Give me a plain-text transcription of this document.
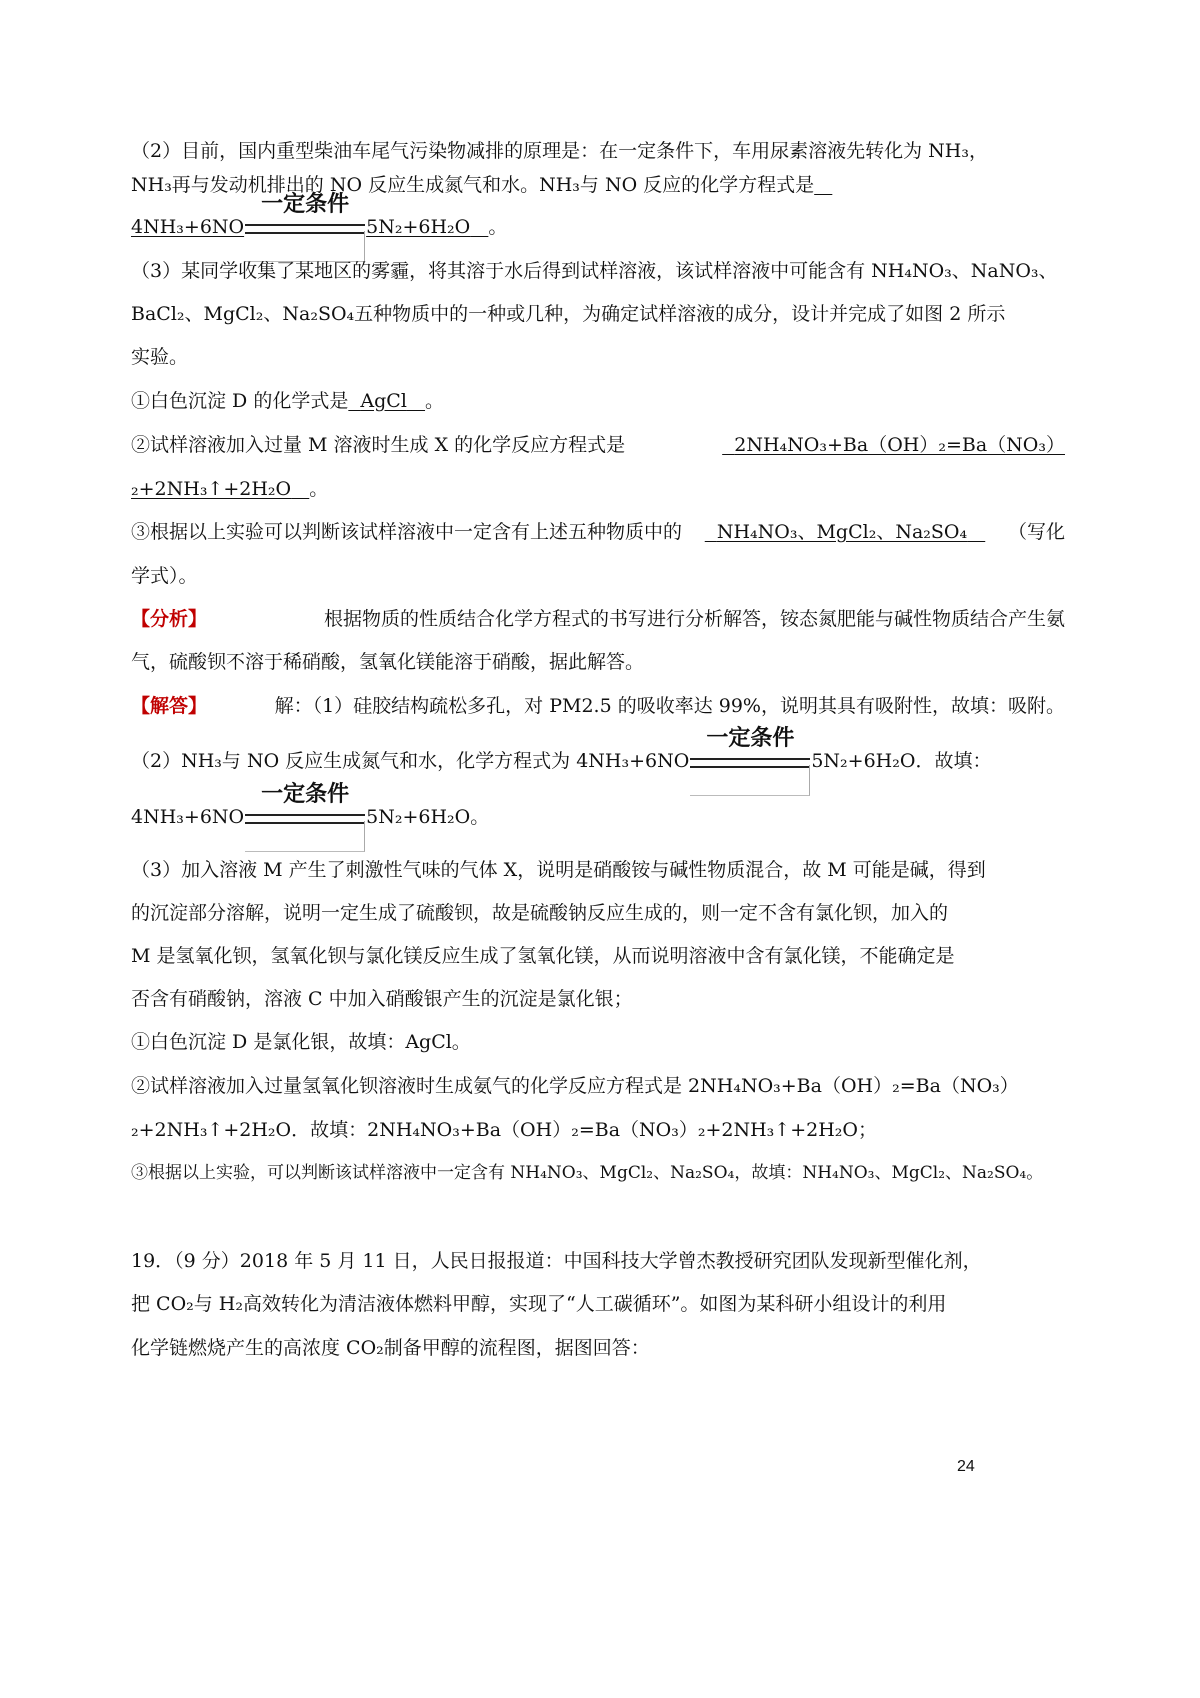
（2）目前，国内重型柴油车尾气污染物减排的原理是：在一定条件下，车用尿素溶液先转化为 NH₃，
NH₃再与发动机排出的 NO 反应生成氮气和水。NH₃与 NO 反应的化学方程式是
4NH₃+6NO
一定条件
5N₂+6H₂O 。
（3）某同学收集了某地区的雾霾，将其溶于水后得到试样溶液，该试样溶液中可能含有 NH₄NO₃、NaNO₃、
BaCl₂、MgCl₂、Na₂SO₄五种物质中的一种或几种，为确定试样溶液的成分，设计并完成了如图 2 所示
实验。
①白色沉淀 D 的化学式是 AgCl 。
②试样溶液加入过量 M 溶液时生成 X 的化学反应方程式是	2NH₄NO₃+Ba（OH）₂=Ba（NO₃）
₂+2NH₃↑+2H₂O 。
③根据以上实验可以判断该试样溶液中一定含有上述五种物质中的	NH₄NO₃、MgCl₂、Na₂SO₄	（写化
学式）。
【分析】	根据物质的性质结合化学方程式的书写进行分析解答，铵态氮肥能与碱性物质结合产生氨
气，硫酸钡不溶于稀硝酸，氢氧化镁能溶于硝酸，据此解答。
【解答】	解：（1）硅胶结构疏松多孔，对 PM2.5 的吸收率达 99%，说明其具有吸附性，故填：吸附。
（2）NH₃与 NO 反应生成氮气和水，化学方程式为 4NH₃+6NO
一定条件
5N₂+6H₂O．故填：
4NH₃+6NO
一定条件
5N₂+6H₂O。
（3）加入溶液 M 产生了刺激性气味的气体 X，说明是硝酸铵与碱性物质混合，故 M 可能是碱，得到
的沉淀部分溶解，说明一定生成了硫酸钡，故是硫酸钠反应生成的，则一定不含有氯化钡，加入的
M 是氢氧化钡，氢氧化钡与氯化镁反应生成了氢氧化镁，从而说明溶液中含有氯化镁，不能确定是
否含有硝酸钠，溶液 C 中加入硝酸银产生的沉淀是氯化银；
①白色沉淀 D 是氯化银，故填：AgCl。
②试样溶液加入过量氢氧化钡溶液时生成氨气的化学反应方程式是 2NH₄NO₃+Ba（OH）₂=Ba（NO₃）
₂+2NH₃↑+2H₂O．故填：2NH₄NO₃+Ba（OH）₂=Ba（NO₃）₂+2NH₃↑+2H₂O；
③根据以上实验，可以判断该试样溶液中一定含有 NH₄NO₃、MgCl₂、Na₂SO₄，故填：NH₄NO₃、MgCl₂、Na₂SO₄。
19．（9 分）2018 年 5 月 11 日，人民日报报道：中国科技大学曾杰教授研究团队发现新型催化剂，
把 CO₂与 H₂高效转化为清洁液体燃料甲醇，实现了“人工碳循环”。如图为某科研小组设计的利用
化学链燃烧产生的高浓度 CO₂制备甲醇的流程图，据图回答：
24
